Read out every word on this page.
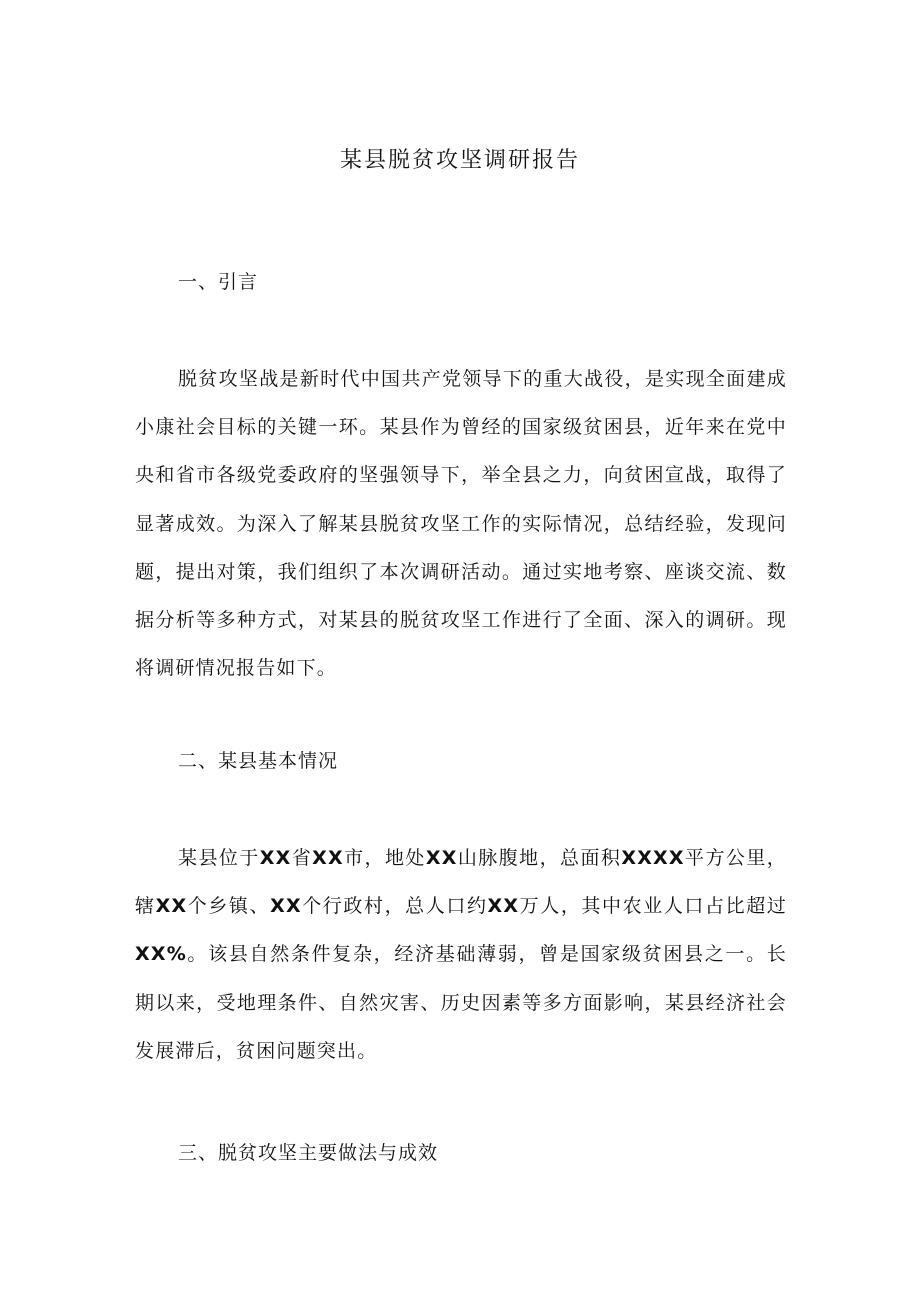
某县脱贫攻坚调研报告
一、引言

脱贫攻坚战是新时代中国共产党领导下的重大战役，是实现全面建成小康社会目标的关键一环。某县作为曾经的国家级贫困县，近年来在党中央和省市各级党委政府的坚强领导下，举全县之力，向贫困宣战，取得了显著成效。为深入了解某县脱贫攻坚工作的实际情况，总结经验，发现问题，提出对策，我们组织了本次调研活动。通过实地考察、座谈交流、数据分析等多种方式，对某县的脱贫攻坚工作进行了全面、深入的调研。现将调研情况报告如下。

二、某县基本情况

某县位于XX省XX市，地处XX山脉腹地，总面积XXXX平方公里，辖XX个乡镇、XX个行政村，总人口约XX万人，其中农业人口占比超过XX%。该县自然条件复杂，经济基础薄弱，曾是国家级贫困县之一。长期以来，受地理条件、自然灾害、历史因素等多方面影响，某县经济社会发展滞后，贫困问题突出。

三、脱贫攻坚主要做法与成效
